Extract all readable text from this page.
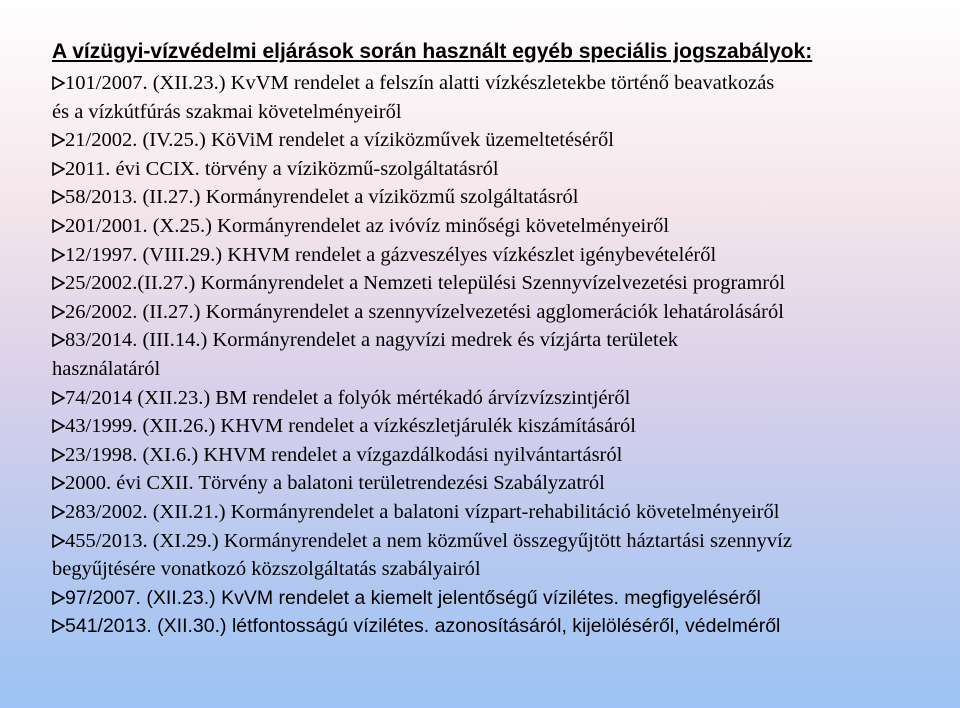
A vízügyi-vízvédelmi eljárások során használt egyéb speciális jogszabályok:
101/2007. (XII.23.) KvVM rendelet a felszín alatti vízkészletekbe történő beavatkozás
és a vízkútfúrás szakmai követelményeiről
21/2002. (IV.25.) KöViM rendelet a víziközművek üzemeltetéséről
2011. évi CCIX. törvény a víziközmű-szolgáltatásról
58/2013. (II.27.) Kormányrendelet a víziközmű szolgáltatásról
201/2001. (X.25.) Kormányrendelet az ivóvíz minőségi követelményeiről
12/1997. (VIII.29.) KHVM rendelet a gázveszélyes vízkészlet igénybevételéről
25/2002.(II.27.) Kormányrendelet a Nemzeti települési Szennyvízelvezetési programról
26/2002. (II.27.) Kormányrendelet a szennyvízelvezetési agglomerációk lehatárolásáról
83/2014. (III.14.) Kormányrendelet a nagyvízi medrek és vízjárta területek
használatáról
74/2014 (XII.23.) BM rendelet a folyók mértékadó árvízvízszintjéről
43/1999. (XII.26.) KHVM rendelet a vízkészletjárulék kiszámításáról
23/1998. (XI.6.) KHVM rendelet a vízgazdálkodási nyilvántartásról
2000. évi CXII. Törvény a balatoni területrendezési Szabályzatról
283/2002. (XII.21.) Kormányrendelet a balatoni vízpart-rehabilitáció követelményeiről
455/2013. (XI.29.) Kormányrendelet a nem közművel összegyűjtött háztartási szennyvíz
begyűjtésére vonatkozó közszolgáltatás szabályairól
97/2007. (XII.23.) KvVM rendelet a kiemelt jelentőségű vízilétes. megfigyeléséről
541/2013. (XII.30.) létfontosságú vízilétes. azonosításáról, kijelöléséről, védelméről
